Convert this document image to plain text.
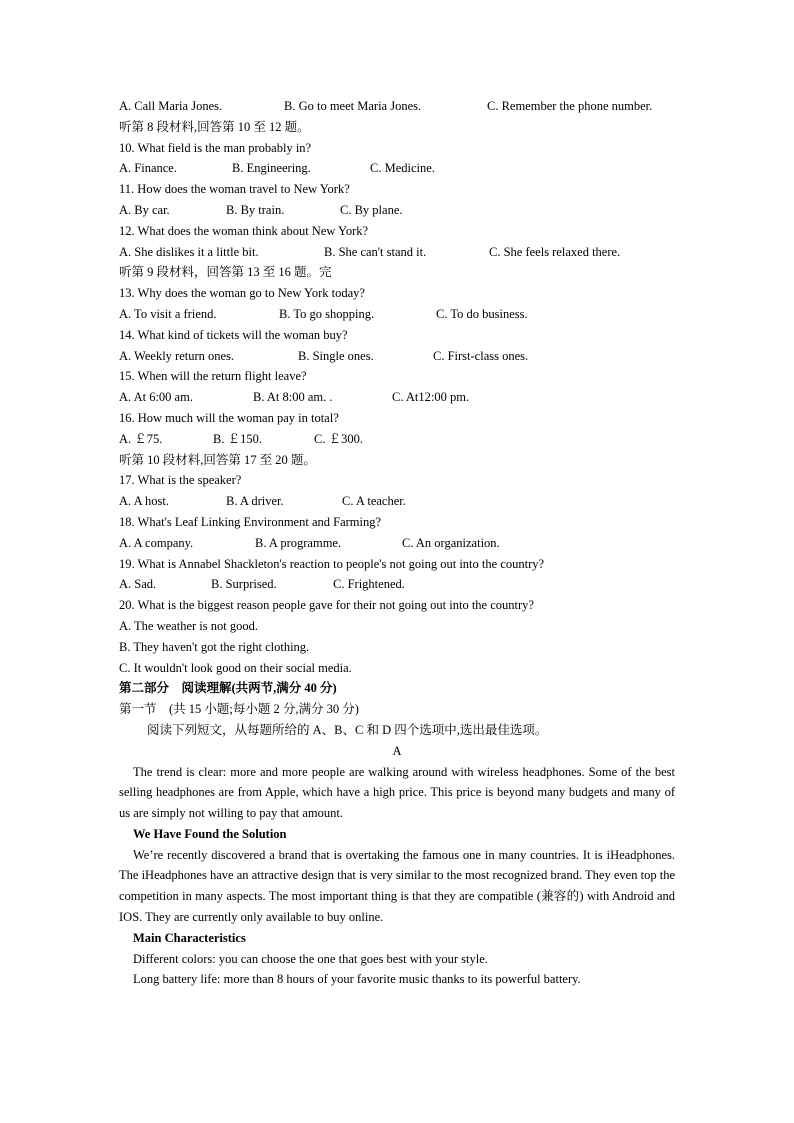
A. Call Maria Jones.	B. Go to meet Maria Jones.	C. Remember the phone number.
听第 8 段材料,回答第 10 至 12 题。
10. What field is the man probably in?
A. Finance.	B. Engineering.	C. Medicine.
11. How does the woman travel to New York?
A. By car.	B. By train.	C. By plane.
12. What does the woman think about New York?
A. She dislikes it a little bit.	B. She can't stand it.	C. She feels relaxed there.
听第 9 段材料，回答第 13 至 16 题。完
13. Why does the woman go to New York today?
A. To visit a friend.	B. To go shopping.	C. To do business.
14. What kind of tickets will the woman buy?
A. Weekly return ones.	B. Single ones.	C. First-class ones.
15. When will the return flight leave?
A. At 6:00 am.	B. At 8:00 am. .	C. At12:00 pm.
16. How much will the woman pay in total?
A. ￡75.	B. ￡150.	C. ￡300.
听第 10 段材料,回答第 17 至 20 题。
17. What is the speaker?
A. A host.	B. A driver.	C. A teacher.
18. What's Leaf Linking Environment and Farming?
A. A company.	B. A programme.	C. An organization.
19. What is Annabel Shackleton's reaction to people's not going out into the country?
A. Sad.	B. Surprised.	C. Frightened.
20. What is the biggest reason people gave for their not going out into the country?
A. The weather is not good.
B. They haven't got the right clothing.
C. It wouldn't look good on their social media.
第二部分　阅读理解(共两节,满分 40 分)
第一节　(共 15 小题;每小题 2 分,满分 30 分)
阅读下列短文，从每题所给的 A、B、C 和 D 四个选项中,选出最佳选项。
A
The trend is clear: more and more people are walking around with wireless headphones. Some of the best selling headphones are from Apple, which have a high price. This price is beyond many budgets and many of us are simply not willing to pay that amount.
We Have Found the Solution
We’re recently discovered a brand that is overtaking the famous one in many countries. It is iHeadphones. The iHeadphones have an attractive design that is very similar to the most recognized brand. They even top the competition in many aspects. The most important thing is that they are compatible (兼容的) with Android and IOS. They are currently only available to buy online.
Main Characteristics
Different colors: you can choose the one that goes best with your style.
Long battery life: more than 8 hours of your favorite music thanks to its powerful battery.
